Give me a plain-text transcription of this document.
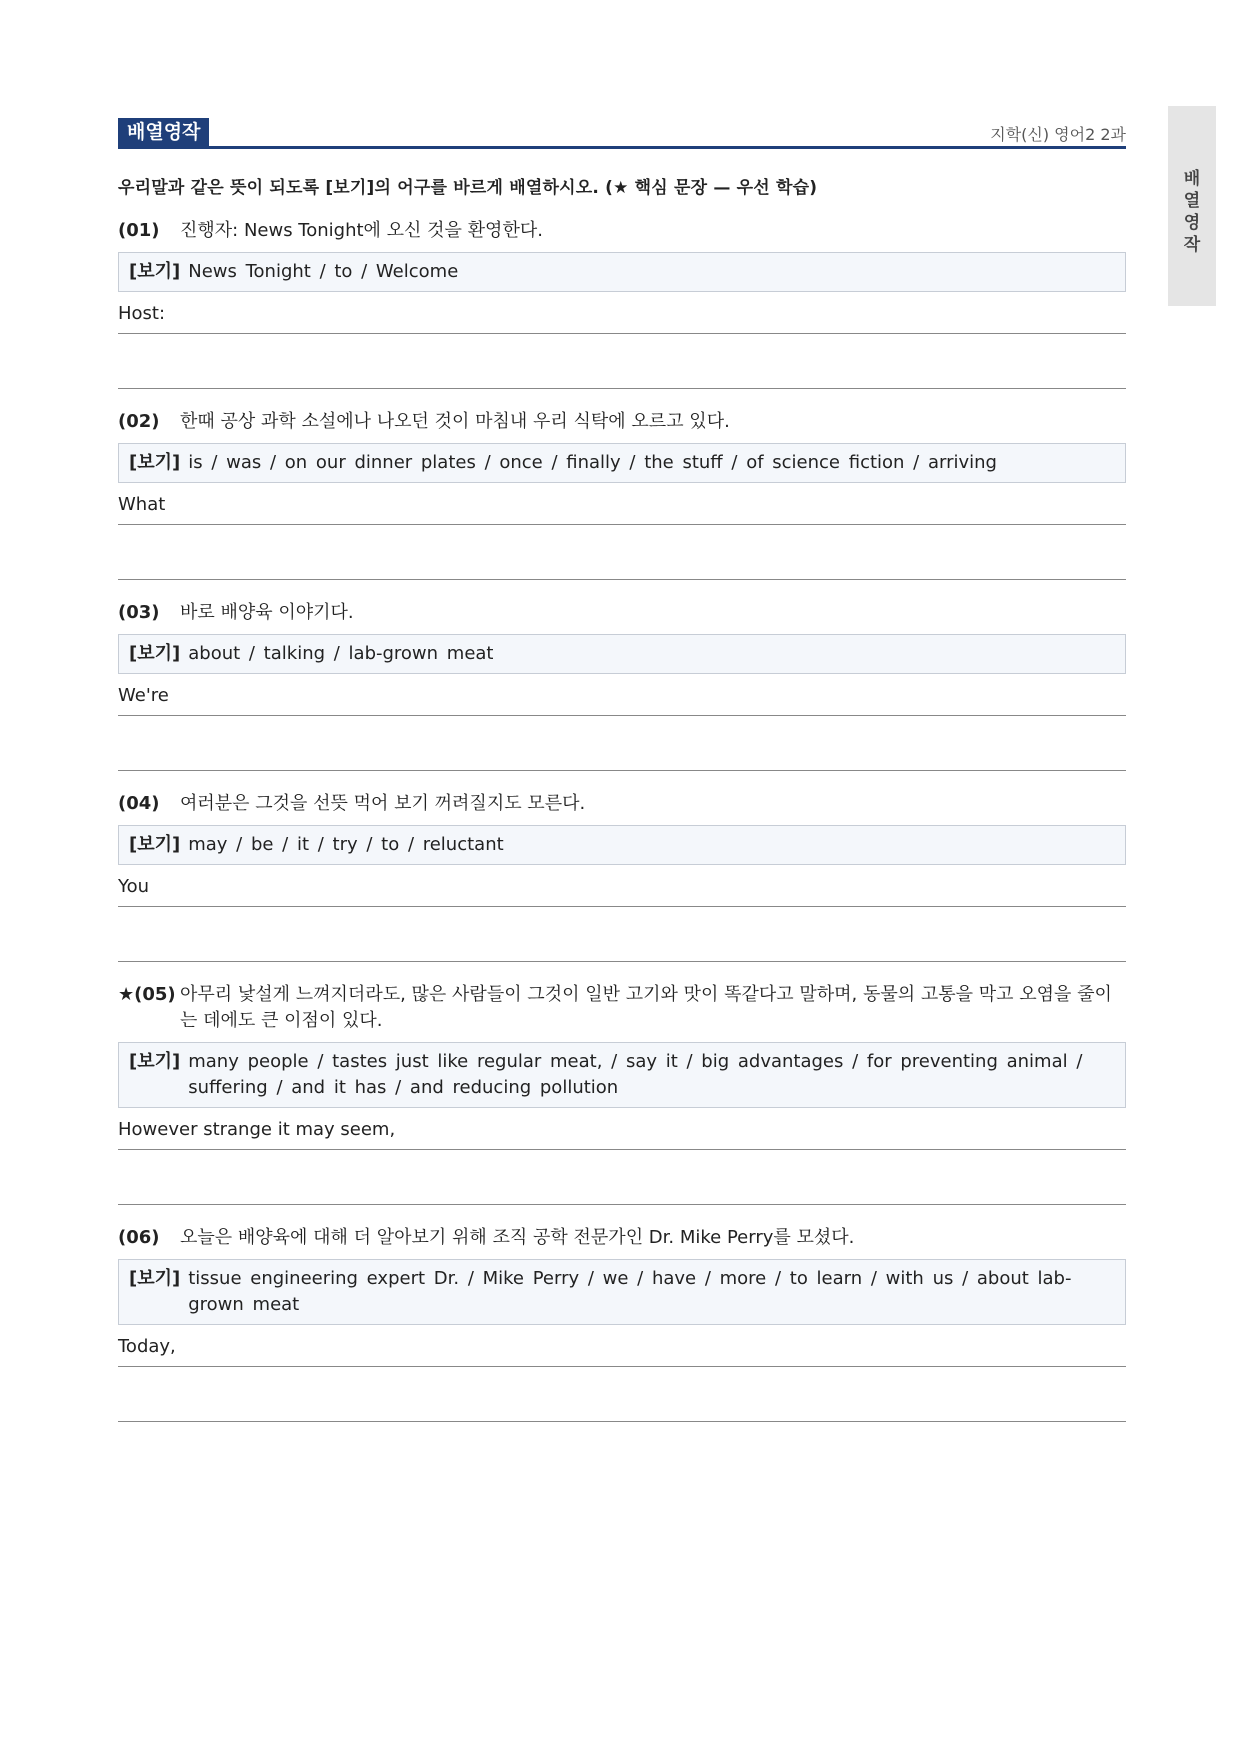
배열영작
배열영작	지학(신) 영어2 2과
우리말과 같은 뜻이 되도록 [보기]의 어구를 바르게 배열하시오. (★ 핵심 문장 — 우선 학습)
(01)	진행자: News Tonight에 오신 것을 환영한다.
[보기] News Tonight / to / Welcome
Host:
(02)	한때 공상 과학 소설에나 나오던 것이 마침내 우리 식탁에 오르고 있다.
[보기] is / was / on our dinner plates / once / finally / the stuff / of science fiction / arriving
What
(03)	바로 배양육 이야기다.
[보기] about / talking / lab-grown meat
We're
(04)	여러분은 그것을 선뜻 먹어 보기 꺼려질지도 모른다.
[보기] may / be / it / try / to / reluctant
You
★(05) 아무리 낯설게 느껴지더라도, 많은 사람들이 그것이 일반 고기와 맛이 똑같다고 말하며, 동물의 고통을 막고 오염을 줄이는 데에도 큰 이점이 있다.
[보기] many people / tastes just like regular meat, / say it / big advantages / for preventing animal / suffering / and it has / and reducing pollution
However strange it may seem,
(06)	오늘은 배양육에 대해 더 알아보기 위해 조직 공학 전문가인 Dr. Mike Perry를 모셨다.
[보기] tissue engineering expert Dr. / Mike Perry / we / have / more / to learn / with us / about lab-grown meat
Today,
